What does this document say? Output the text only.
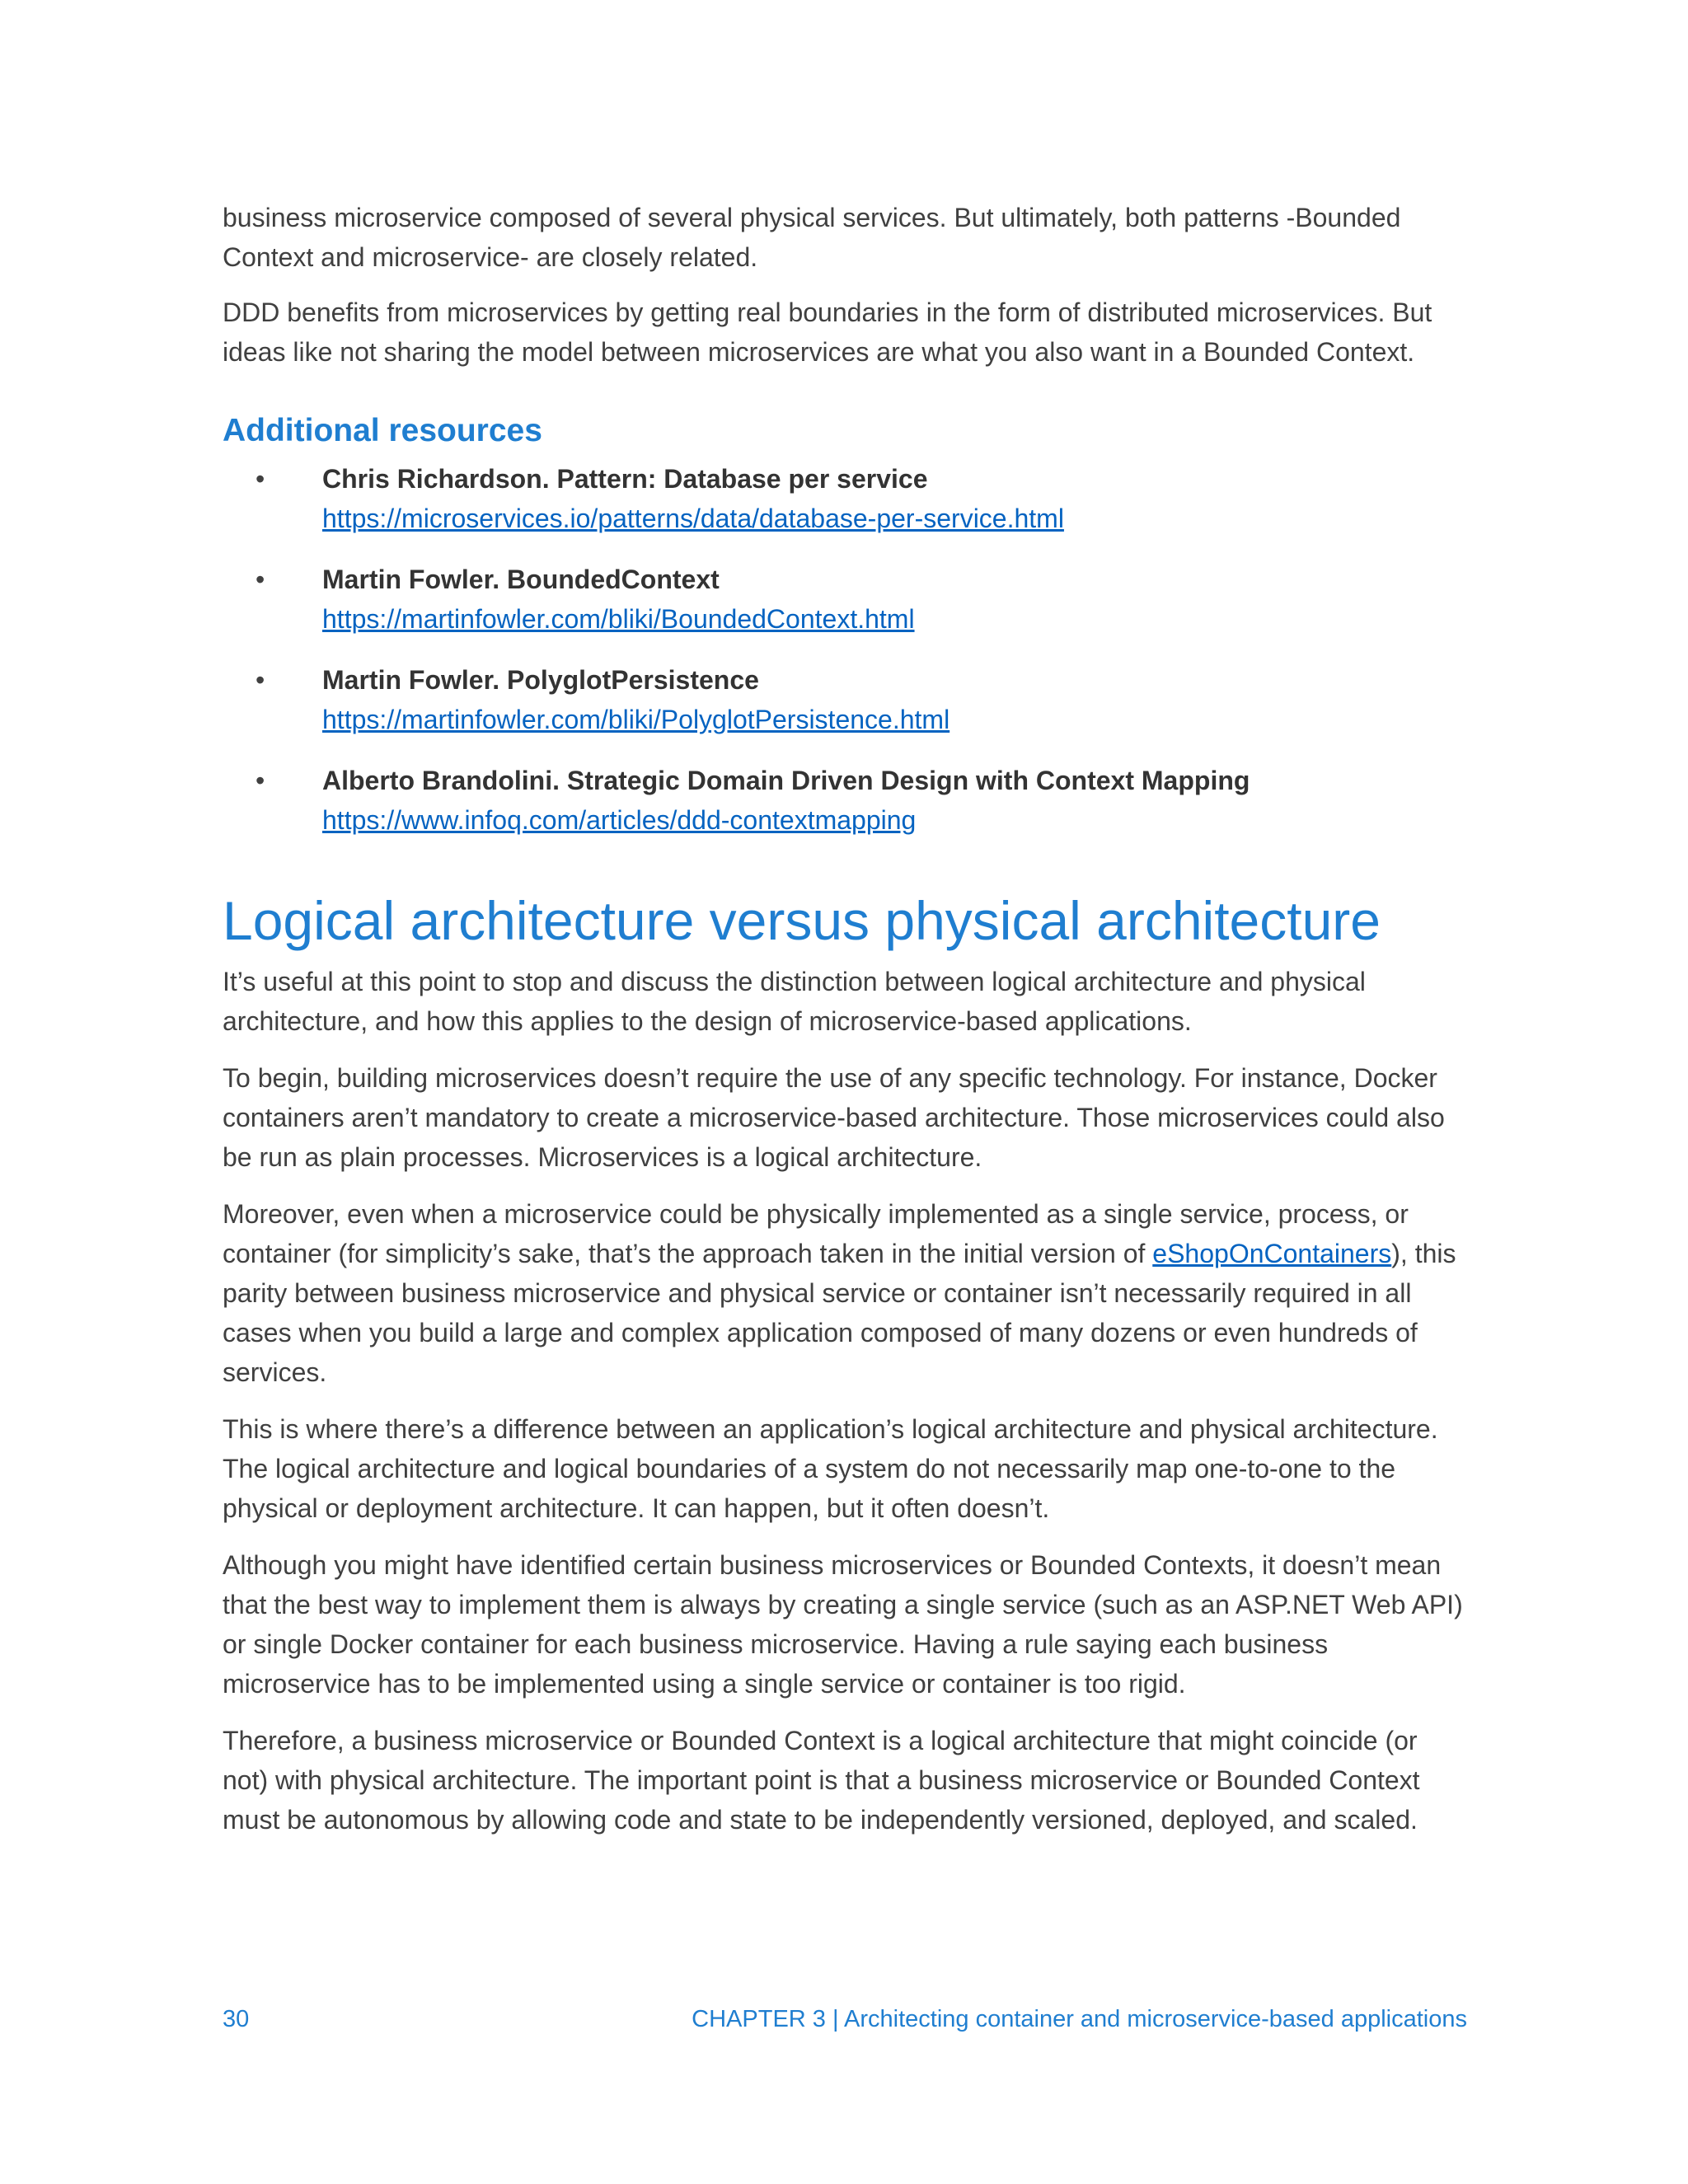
business microservice composed of several physical services. But ultimately, both patterns -Bounded Context and microservice- are closely related.

DDD benefits from microservices by getting real boundaries in the form of distributed microservices. But ideas like not sharing the model between microservices are what you also want in a Bounded Context.

Additional resources
• Chris Richardson. Pattern: Database per service
https://microservices.io/patterns/data/database-per-service.html
• Martin Fowler. BoundedContext
https://martinfowler.com/bliki/BoundedContext.html
• Martin Fowler. PolyglotPersistence
https://martinfowler.com/bliki/PolyglotPersistence.html
• Alberto Brandolini. Strategic Domain Driven Design with Context Mapping
https://www.infoq.com/articles/ddd-contextmapping
Logical architecture versus physical architecture

It’s useful at this point to stop and discuss the distinction between logical architecture and physical architecture, and how this applies to the design of microservice-based applications.

To begin, building microservices doesn’t require the use of any specific technology. For instance, Docker containers aren’t mandatory to create a microservice-based architecture. Those microservices could also be run as plain processes. Microservices is a logical architecture.

Moreover, even when a microservice could be physically implemented as a single service, process, or container (for simplicity’s sake, that’s the approach taken in the initial version of eShopOnContainers), this parity between business microservice and physical service or container isn’t necessarily required in all cases when you build a large and complex application composed of many dozens or even hundreds of services.

This is where there’s a difference between an application’s logical architecture and physical architecture. The logical architecture and logical boundaries of a system do not necessarily map one-to-one to the physical or deployment architecture. It can happen, but it often doesn’t.

Although you might have identified certain business microservices or Bounded Contexts, it doesn’t mean that the best way to implement them is always by creating a single service (such as an ASP.NET Web API) or single Docker container for each business microservice. Having a rule saying each business microservice has to be implemented using a single service or container is too rigid.

Therefore, a business microservice or Bounded Context is a logical architecture that might coincide (or not) with physical architecture. The important point is that a business microservice or Bounded Context must be autonomous by allowing code and state to be independently versioned, deployed, and scaled.

30	CHAPTER 3 | Architecting container and microservice-based applications
